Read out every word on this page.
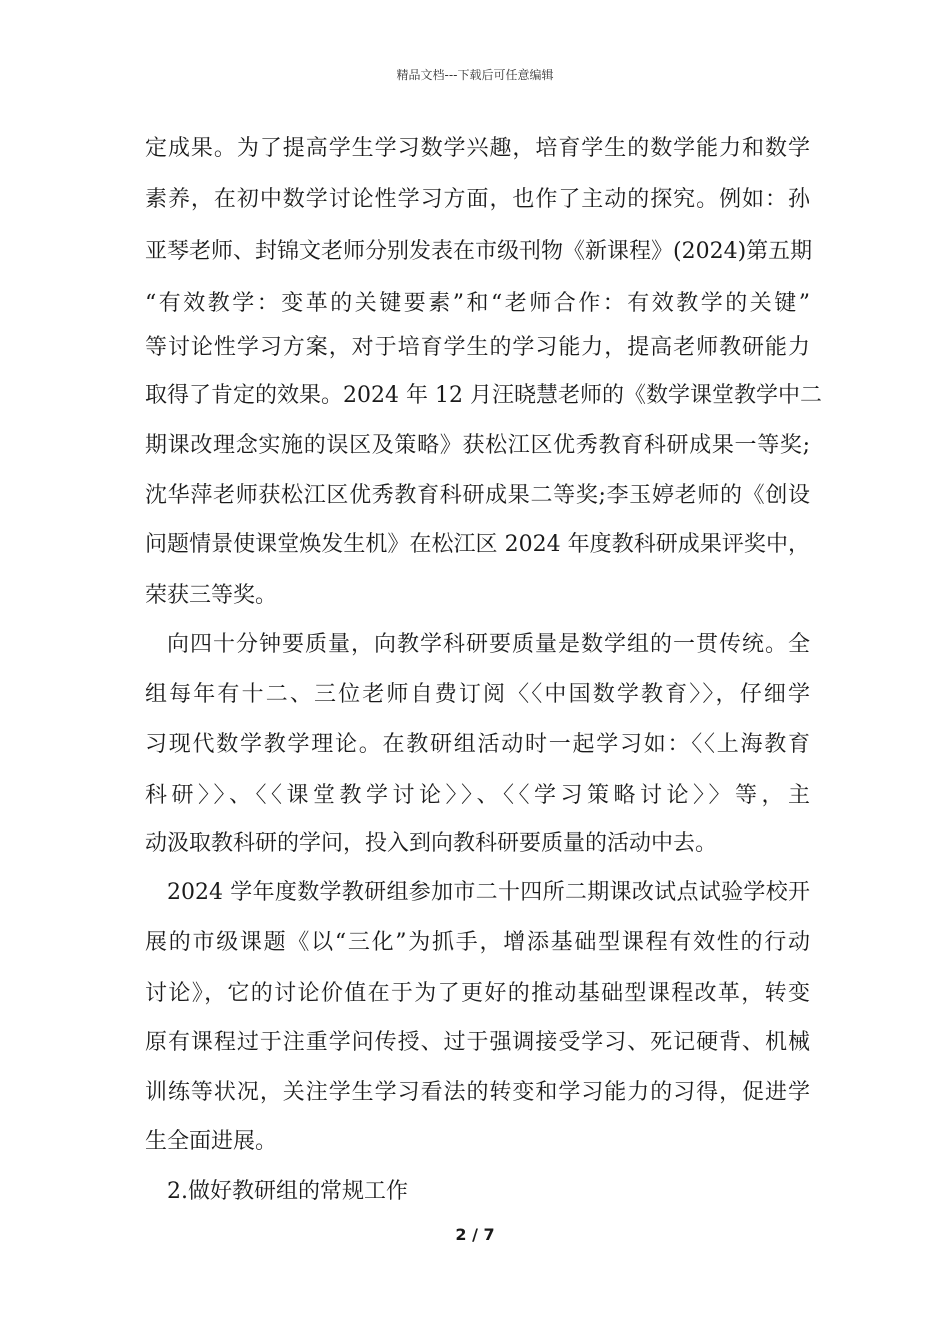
精品文档---下载后可任意编辑
定成果。为了提高学生学习数学兴趣，培育学生的数学能力和数学
素养，在初中数学讨论性学习方面，也作了主动的探究。例如：孙
亚琴老师、封锦文老师分别发表在市级刊物《新课程》(2024)第五期
“有效教学：变革的关键要素”和“老师合作：有效教学的关键”
等讨论性学习方案，对于培育学生的学习能力，提高老师教研能力
取得了肯定的效果。2024 年 12 月汪晓慧老师的《数学课堂教学中二
期课改理念实施的误区及策略》获松江区优秀教育科研成果一等奖;
沈华萍老师获松江区优秀教育科研成果二等奖;李玉婷老师的《创设
问题情景使课堂焕发生机》在松江区 2024 年度教科研成果评奖中，
荣获三等奖。
向四十分钟要质量，向教学科研要质量是数学组的一贯传统。全
组每年有十二、三位老师自费订阅〈〈中国数学教育〉〉，仔细学
习现代数学教学理论。在教研组活动时一起学习如：〈〈上海教育
科研〉〉、〈〈课堂教学讨论〉〉、〈〈学习策略讨论〉〉等，主
动汲取教科研的学问，投入到向教科研要质量的活动中去。
2024 学年度数学教研组参加市二十四所二期课改试点试验学校开
展的市级课题《以“三化”为抓手，增添基础型课程有效性的行动
讨论》，它的讨论价值在于为了更好的推动基础型课程改革，转变
原有课程过于注重学问传授、过于强调接受学习、死记硬背、机械
训练等状况，关注学生学习看法的转变和学习能力的习得，促进学
生全面进展。
2.做好教研组的常规工作
2 / 7
